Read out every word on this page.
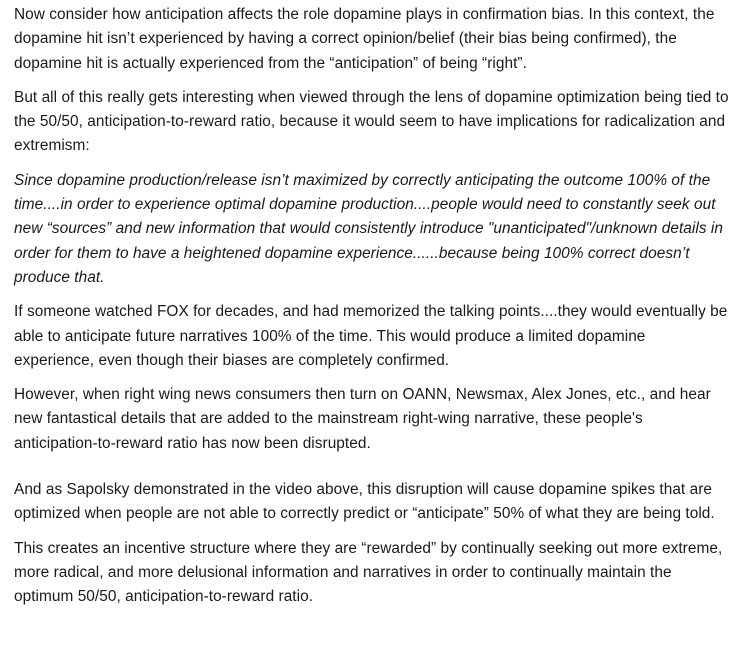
Now consider how anticipation affects the role dopamine plays in confirmation bias. In this context, the dopamine hit isn’t experienced by having a correct opinion/belief (their bias being confirmed), the dopamine hit is actually experienced from the “anticipation” of being “right”.

But all of this really gets interesting when viewed through the lens of dopamine optimization being tied to the 50/50, anticipation-to-reward ratio, because it would seem to have implications for radicalization and extremism:

Since dopamine production/release isn’t maximized by correctly anticipating the outcome 100% of the time....in order to experience optimal dopamine production....people would need to constantly seek out new “sources” and new information that would consistently introduce "unanticipated"/unknown details in order for them to have a heightened dopamine experience......because being 100% correct doesn’t produce that.

If someone watched FOX for decades, and had memorized the talking points....they would eventually be able to anticipate future narratives 100% of the time. This would produce a limited dopamine experience, even though their biases are completely confirmed.

However, when right wing news consumers then turn on OANN, Newsmax, Alex Jones, etc., and hear new fantastical details that are added to the mainstream right-wing narrative, these people's anticipation-to-reward ratio has now been disrupted.

And as Sapolsky demonstrated in the video above, this disruption will cause dopamine spikes that are optimized when people are not able to correctly predict or “anticipate” 50% of what they are being told.

This creates an incentive structure where they are “rewarded” by continually seeking out more extreme, more radical, and more delusional information and narratives in order to continually maintain the optimum 50/50, anticipation-to-reward ratio.
